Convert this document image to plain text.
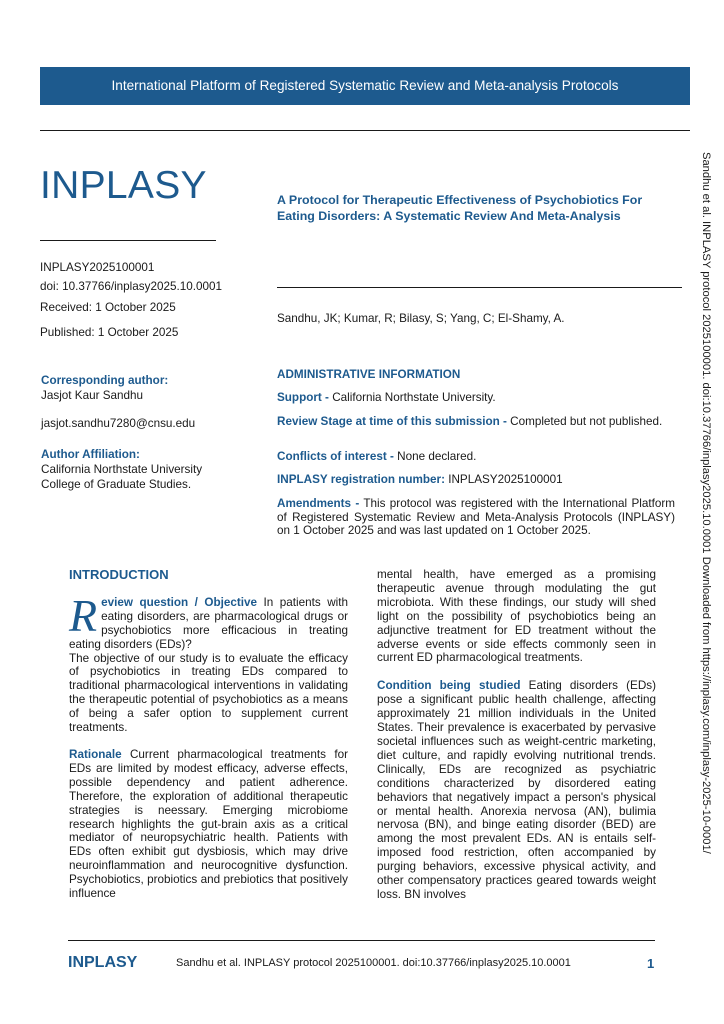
International Platform of Registered Systematic Review and Meta-analysis Protocols
INPLASY
INPLASY2025100001
doi: 10.37766/inplasy2025.10.0001
Received: 1 October 2025
Published: 1 October 2025
A Protocol for Therapeutic Effectiveness of Psychobiotics For Eating Disorders: A Systematic Review And Meta-Analysis
Sandhu, JK; Kumar, R; Bilasy, S; Yang, C; El-Shamy, A.
Corresponding author:
Jasjot Kaur Sandhu
jasjot.sandhu7280@cnsu.edu
Author Affiliation:
California Northstate University
College of Graduate Studies.
ADMINISTRATIVE INFORMATION
Support - California Northstate University.
Review Stage at time of this submission - Completed but not published.
Conflicts of interest - None declared.
INPLASY registration number: INPLASY2025100001
Amendments - This protocol was registered with the International Platform of Registered Systematic Review and Meta-Analysis Protocols (INPLASY) on 1 October 2025 and was last updated on 1 October 2025.
INTRODUCTION

Review question / Objective In patients with eating disorders, are pharmacological drugs or psychobiotics more efficacious in treating eating disorders (EDs)?

The objective of our study is to evaluate the efficacy of psychobiotics in treating EDs compared to traditional pharmacological interventions in validating the therapeutic potential of psychobiotics as a means of being a safer option to supplement current treatments.

Rationale Current pharmacological treatments for EDs are limited by modest efficacy, adverse effects, possible dependency and patient adherence. Therefore, the exploration of additional therapeutic strategies is neessary. Emerging microbiome research highlights the gut-brain axis as a critical mediator of neuropsychiatric health. Patients with EDs often exhibit gut dysbiosis, which may drive neuroinflammation and neurocognitive dysfunction. Psychobiotics, probiotics and prebiotics that positively influence

mental health, have emerged as a promising therapeutic avenue through modulating the gut microbiota. With these findings, our study will shed light on the possibility of psychobiotics being an adjunctive treatment for ED treatment without the adverse events or side effects commonly seen in current ED pharmacological treatments.

Condition being studied Eating disorders (EDs) pose a significant public health challenge, affecting approximately 21 million individuals in the United States. Their prevalence is exacerbated by pervasive societal influences such as weight-centric marketing, diet culture, and rapidly evolving nutritional trends. Clinically, EDs are recognized as psychiatric conditions characterized by disordered eating behaviors that negatively impact a person's physical or mental health. Anorexia nervosa (AN), bulimia nervosa (BN), and binge eating disorder (BED) are among the most prevalent EDs. AN is entails self-imposed food restriction, often accompanied by purging behaviors, excessive physical activity, and other compensatory practices geared towards weight loss. BN involves

Sandhu et al. INPLASY protocol 2025100001. doi:10.37766/inplasy2025.10.0001 Downloaded from https://inplasy.com/inplasy-2025-10-0001/
INPLASY	Sandhu et al. INPLASY protocol 2025100001. doi:10.37766/inplasy2025.10.0001	1
